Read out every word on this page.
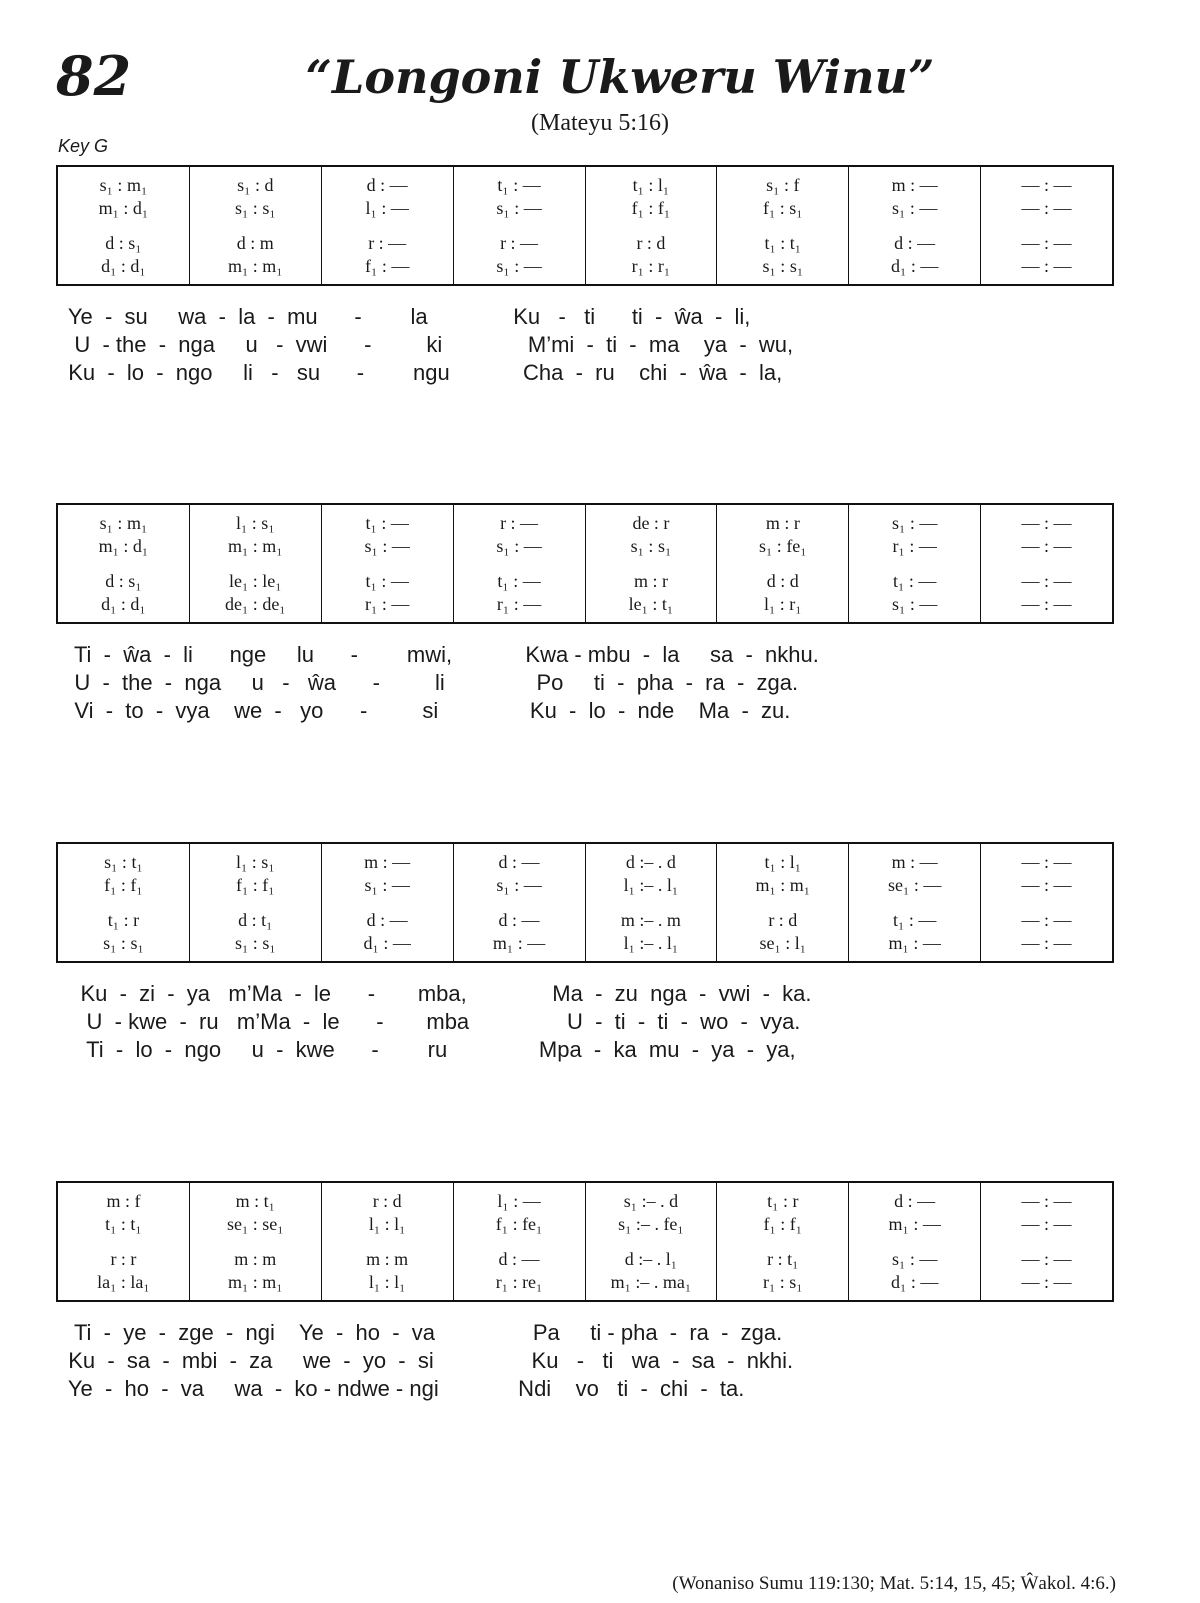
82	“Longoni Ukweru Winu”
(Mateyu 5:16)
Key G
s₁ : m₁
m₁ : d₁
d : s₁
d₁ : d₁
s₁ : d
s₁ : s₁
d : m
m₁ : m₁
d : —
l₁ : —
r : —
f₁ : —
t₁ : —
s₁ : —
r : —
s₁ : —
t₁ : l₁
f₁ : f₁
r : d
r₁ : r₁
s₁ : f
f₁ : s₁
t₁ : t₁
s₁ : s₁
m : —
s₁ : —
d : —
d₁ : —
— : —
— : —
— : —
— : —
Ye  -  su     wa  -  la  -  mu      -        la              Ku   -   ti      ti  -  ŵa  -  li,
U  - the  -  nga     u   -  vwi      -         ki              M’mi  -  ti  -  ma    ya  -  wu,
Ku  -  lo  -  ngo     li   -   su      -        ngu            Cha  -  ru    chi  -  ŵa  -  la,
s₁ : m₁
m₁ : d₁
d : s₁
d₁ : d₁
l₁ : s₁
m₁ : m₁
le₁ : le₁
de₁ : de₁
t₁ : —
s₁ : —
t₁ : —
r₁ : —
r : —
s₁ : —
t₁ : —
r₁ : —
de : r
s₁ : s₁
m : r
le₁ : t₁
m : r
s₁ : fe₁
d : d
l₁ : r₁
s₁ : —
r₁ : —
t₁ : —
s₁ : —
— : —
— : —
— : —
— : —
Ti  -  ŵa  -  li      nge     lu      -        mwi,            Kwa - mbu  -  la     sa  -  nkhu.
U  -  the  -  nga     u   -   ŵa      -         li               Po     ti  -  pha  -  ra  -  zga.
Vi  -  to  -  vya    we  -   yo      -         si               Ku  -  lo  -  nde    Ma  -  zu.
s₁ : t₁
f₁ : f₁
t₁ : r
s₁ : s₁
l₁ : s₁
f₁ : f₁
d : t₁
s₁ : s₁
m : —
s₁ : —
d : —
d₁ : —
d : —
s₁ : —
d : —
m₁ : —
d :– . d
l₁ :– . l₁
m :– . m
l₁ :– . l₁
t₁ : l₁
m₁ : m₁
r : d
se₁ : l₁
m : —
se₁ : —
t₁ : —
m₁ : —
— : —
— : —
— : —
— : —
Ku  -  zi  -  ya   m’Ma  -  le      -       mba,              Ma  -  zu  nga  -  vwi  -  ka.
U  - kwe  -  ru   m’Ma  -  le      -       mba                U  -  ti  -  ti  -  wo  -  vya.
Ti  -  lo  -  ngo     u  -  kwe      -        ru               Mpa  -  ka  mu  -  ya  -  ya,
m : f
t₁ : t₁
r : r
la₁ : la₁
m : t₁
se₁ : se₁
m : m
m₁ : m₁
r : d
l₁ : l₁
m : m
l₁ : l₁
l₁ : —
f₁ : fe₁
d : —
r₁ : re₁
s₁ :– . d
s₁ :– . fe₁
d :– . l₁
m₁ :– . ma₁
t₁ : r
f₁ : f₁
r : t₁
r₁ : s₁
d : —
m₁ : —
s₁ : —
d₁ : —
— : —
— : —
— : —
— : —
Ti  -  ye  -  zge  -  ngi    Ye  -  ho  -  va                Pa     ti - pha  -  ra  -  zga.
Ku  -  sa  -  mbi  -  za     we  -  yo  -  si                Ku   -   ti   wa  -  sa  -  nkhi.
Ye  -  ho  -  va     wa  -  ko - ndwe - ngi             Ndi    vo   ti  -  chi  -  ta.
(Wonaniso Sumu 119:130; Mat. 5:14, 15, 45; Ŵakol. 4:6.)
